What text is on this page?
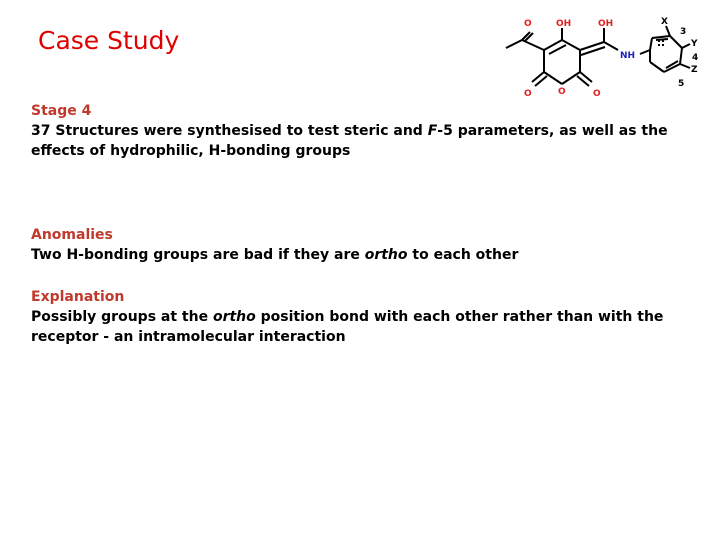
Case Study
O	OH	OH
NH
X
Y
Z
3
4
5
O	O	O
Stage 4
37 Structures were synthesised to test steric and F-5 parameters, as well as the effects of hydrophilic, H-bonding groups
Anomalies
Two H-bonding groups are bad if they are ortho to each other
Explanation
Possibly groups at the ortho position bond with each other rather than with the receptor - an intramolecular interaction
